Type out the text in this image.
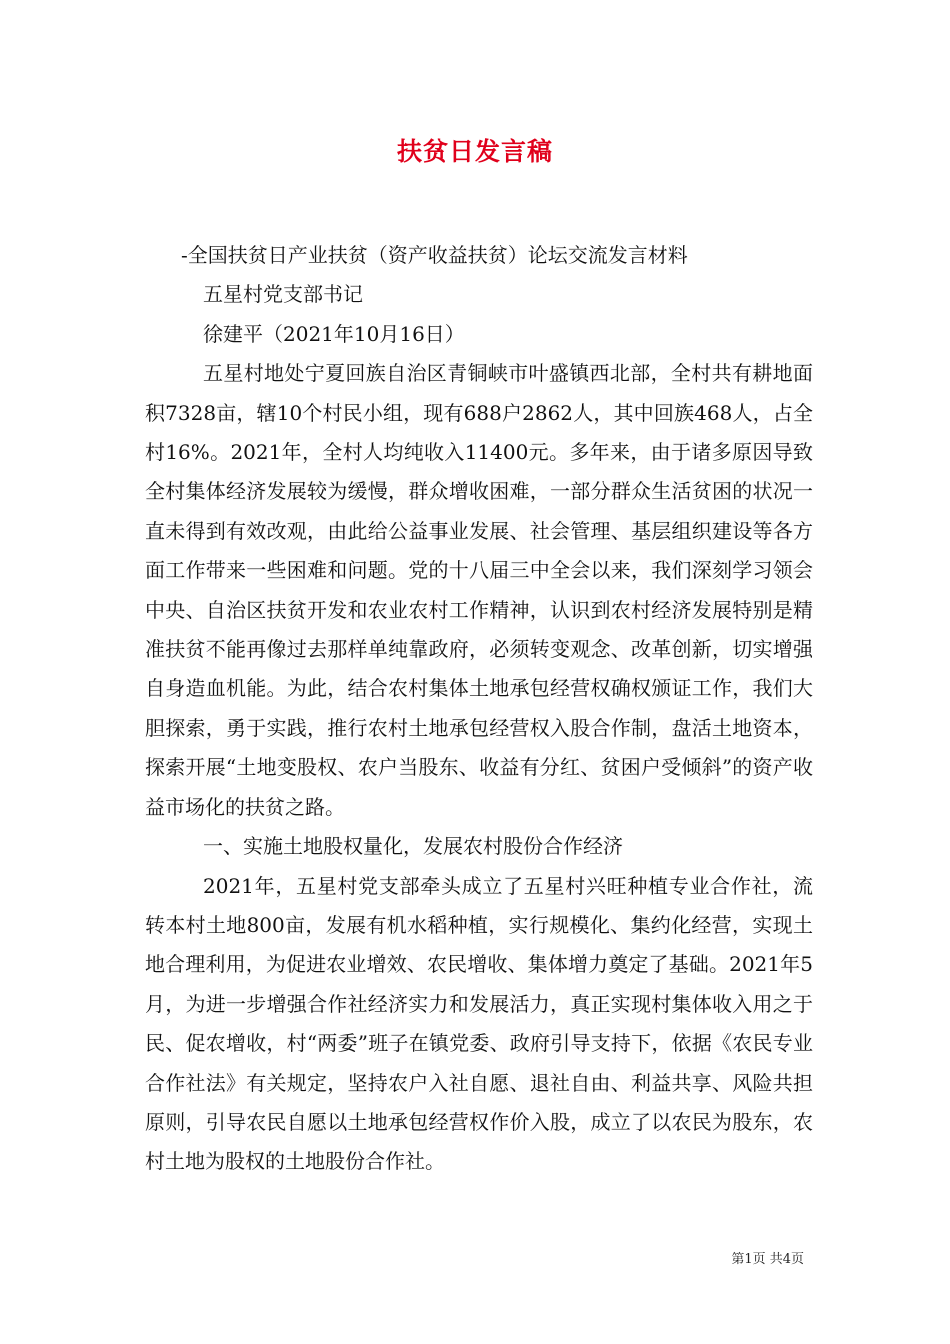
扶贫日发言稿

-全国扶贫日产业扶贫（资产收益扶贫）论坛交流发言材料

五星村党支部书记

徐建平（2021年10月16日）

五星村地处宁夏回族自治区青铜峡市叶盛镇西北部，全村共有耕地面积7328亩，辖10个村民小组，现有688户2862人，其中回族468人，占全村16%。2021年，全村人均纯收入11400元。多年来，由于诸多原因导致全村集体经济发展较为缓慢，群众增收困难，一部分群众生活贫困的状况一直未得到有效改观，由此给公益事业发展、社会管理、基层组织建设等各方面工作带来一些困难和问题。党的十八届三中全会以来，我们深刻学习领会中央、自治区扶贫开发和农业农村工作精神，认识到农村经济发展特别是精准扶贫不能再像过去那样单纯靠政府，必须转变观念、改革创新，切实增强自身造血机能。为此，结合农村集体土地承包经营权确权颁证工作，我们大胆探索，勇于实践，推行农村土地承包经营权入股合作制，盘活土地资本，探索开展“土地变股权、农户当股东、收益有分红、贫困户受倾斜”的资产收益市场化的扶贫之路。

一、实施土地股权量化，发展农村股份合作经济

2021年，五星村党支部牵头成立了五星村兴旺种植专业合作社，流转本村土地800亩，发展有机水稻种植，实行规模化、集约化经营，实现土地合理利用，为促进农业增效、农民增收、集体增力奠定了基础。2021年5月，为进一步增强合作社经济实力和发展活力，真正实现村集体收入用之于民、促农增收，村“两委”班子在镇党委、政府引导支持下，依据《农民专业合作社法》有关规定，坚持农户入社自愿、退社自由、利益共享、风险共担原则，引导农民自愿以土地承包经营权作价入股，成立了以农民为股东，农村土地为股权的土地股份合作社。

第1页 共4页
